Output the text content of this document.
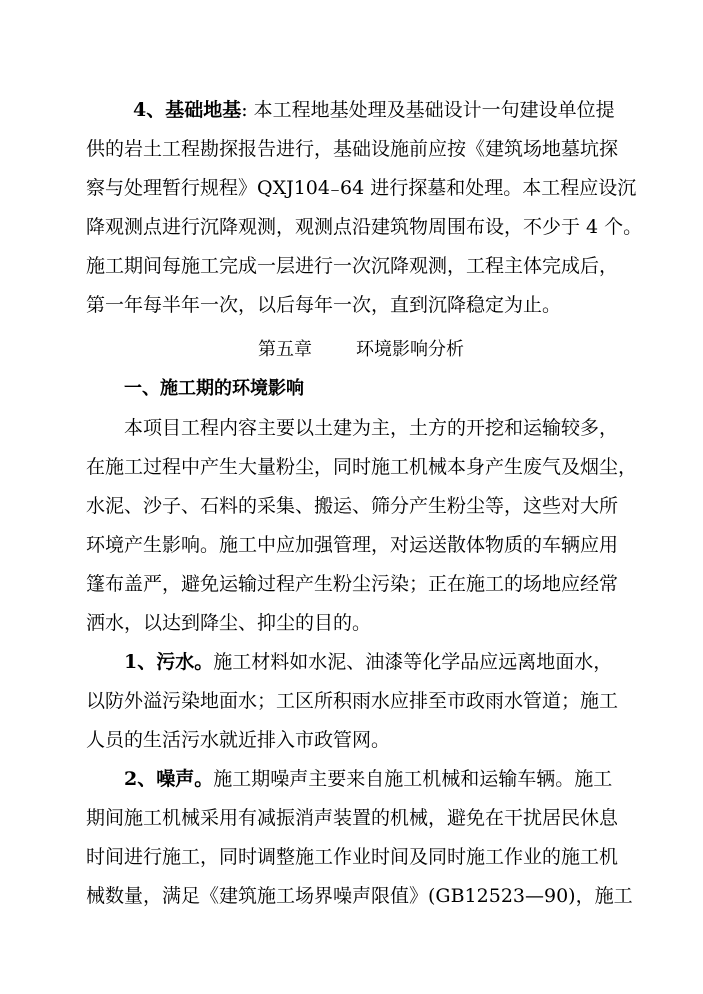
4、基础地基: 本工程地基处理及基础设计一句建设单位提
供的岩土工程勘探报告进行，基础设施前应按《建筑场地墓坑探
察与处理暂行规程》QXJ104₋64 进行探墓和处理。本工程应设沉
降观测点进行沉降观测，观测点沿建筑物周围布设，不少于 4 个。
施工期间每施工完成一层进行一次沉降观测，工程主体完成后，
第一年每半年一次，以后每年一次，直到沉降稳定为止。
第五章 环境影响分析
一、施工期的环境影响
本项目工程内容主要以土建为主，土方的开挖和运输较多，
在施工过程中产生大量粉尘，同时施工机械本身产生废气及烟尘，
水泥、沙子、石料的采集、搬运、筛分产生粉尘等，这些对大所
环境产生影响。施工中应加强管理，对运送散体物质的车辆应用
篷布盖严，避免运输过程产生粉尘污染；正在施工的场地应经常
洒水，以达到降尘、抑尘的目的。
1、污水。施工材料如水泥、油漆等化学品应远离地面水，
以防外溢污染地面水；工区所积雨水应排至市政雨水管道；施工
人员的生活污水就近排入市政管网。
2、噪声。施工期噪声主要来自施工机械和运输车辆。施工
期间施工机械采用有减振消声装置的机械，避免在干扰居民休息
时间进行施工，同时调整施工作业时间及同时施工作业的施工机
械数量，满足《建筑施工场界噪声限值》(GB12523—90)，施工
